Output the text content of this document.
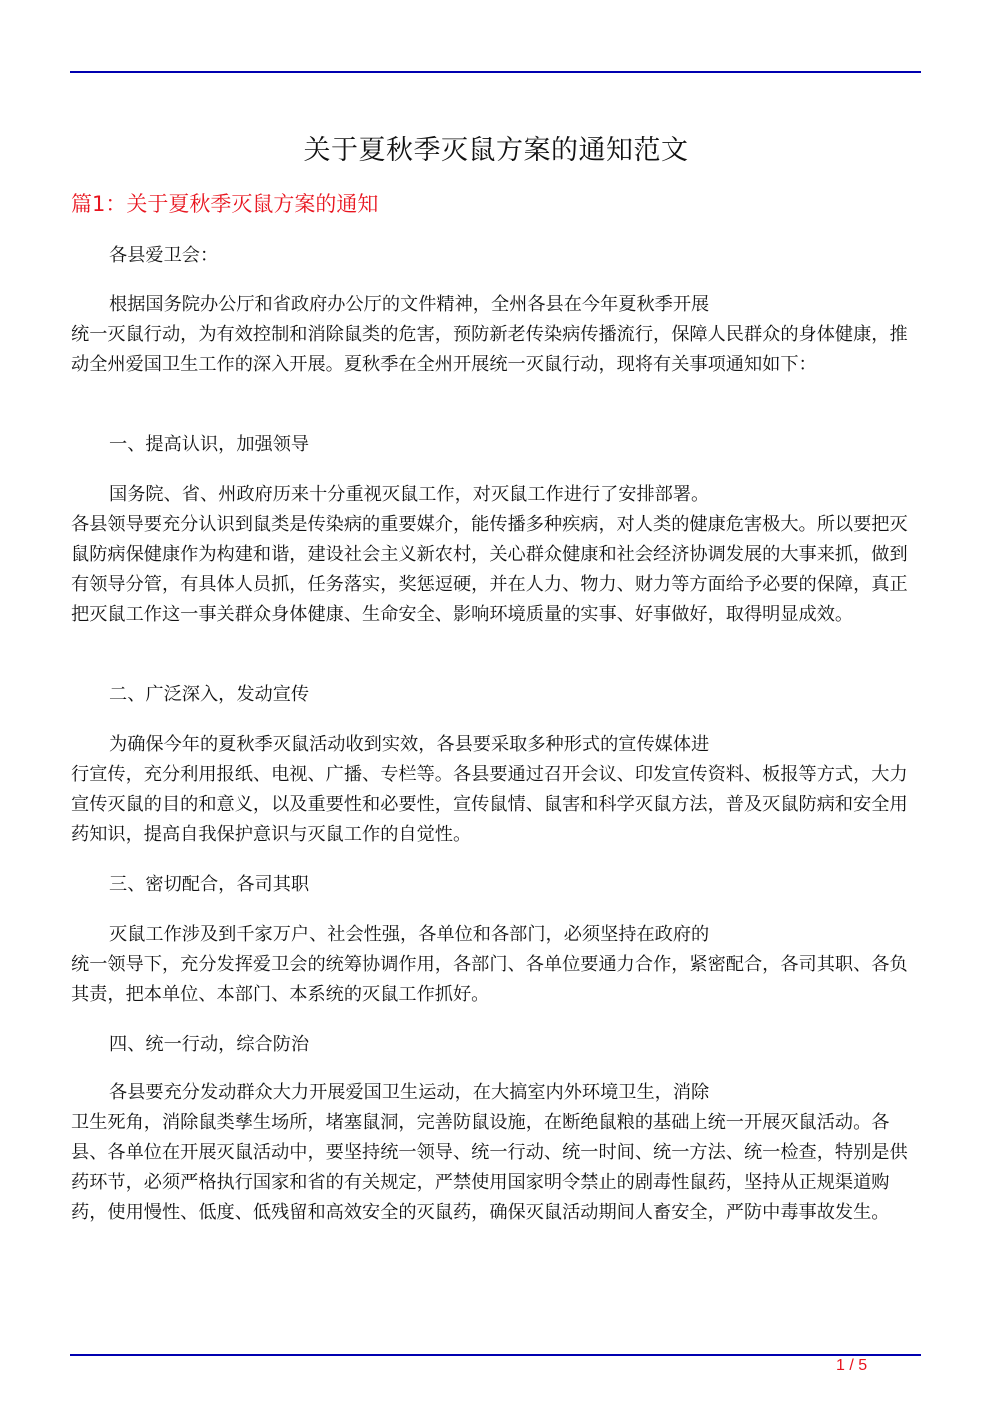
关于夏秋季灭鼠方案的通知范文
篇1：关于夏秋季灭鼠方案的通知

各县爱卫会：

根据国务院办公厅和省政府办公厅的文件精神，全州各县在今年夏秋季开展

统一灭鼠行动，为有效控制和消除鼠类的危害，预防新老传染病传播流行，保障人民群众的身体健康，推动全州爱国卫生工作的深入开展。夏秋季在全州开展统一灭鼠行动，现将有关事项通知如下：

一、提高认识，加强领导

国务院、省、州政府历来十分重视灭鼠工作，对灭鼠工作进行了安排部署。

各县领导要充分认识到鼠类是传染病的重要媒介，能传播多种疾病，对人类的健康危害极大。所以要把灭鼠防病保健康作为构建和谐，建设社会主义新农村，关心群众健康和社会经济协调发展的大事来抓，做到有领导分管，有具体人员抓，任务落实，奖惩逗硬，并在人力、物力、财力等方面给予必要的保障，真正把灭鼠工作这一事关群众身体健康、生命安全、影响环境质量的实事、好事做好，取得明显成效。

二、广泛深入，发动宣传

为确保今年的夏秋季灭鼠活动收到实效，各县要采取多种形式的宣传媒体进

行宣传，充分利用报纸、电视、广播、专栏等。各县要通过召开会议、印发宣传资料、板报等方式，大力宣传灭鼠的目的和意义，以及重要性和必要性，宣传鼠情、鼠害和科学灭鼠方法，普及灭鼠防病和安全用药知识，提高自我保护意识与灭鼠工作的自觉性。

三、密切配合，各司其职

灭鼠工作涉及到千家万户、社会性强，各单位和各部门，必须坚持在政府的

统一领导下，充分发挥爱卫会的统筹协调作用，各部门、各单位要通力合作，紧密配合，各司其职、各负其责，把本单位、本部门、本系统的灭鼠工作抓好。

四、统一行动，综合防治

各县要充分发动群众大力开展爱国卫生运动，在大搞室内外环境卫生，消除

卫生死角，消除鼠类孳生场所，堵塞鼠洞，完善防鼠设施，在断绝鼠粮的基础上统一开展灭鼠活动。各县、各单位在开展灭鼠活动中，要坚持统一领导、统一行动、统一时间、统一方法、统一检查，特别是供药环节，必须严格执行国家和省的有关规定，严禁使用国家明令禁止的剧毒性鼠药，坚持从正规渠道购药，使用慢性、低度、低残留和高效安全的灭鼠药，确保灭鼠活动期间人畜安全，严防中毒事故发生。

1 / 5
